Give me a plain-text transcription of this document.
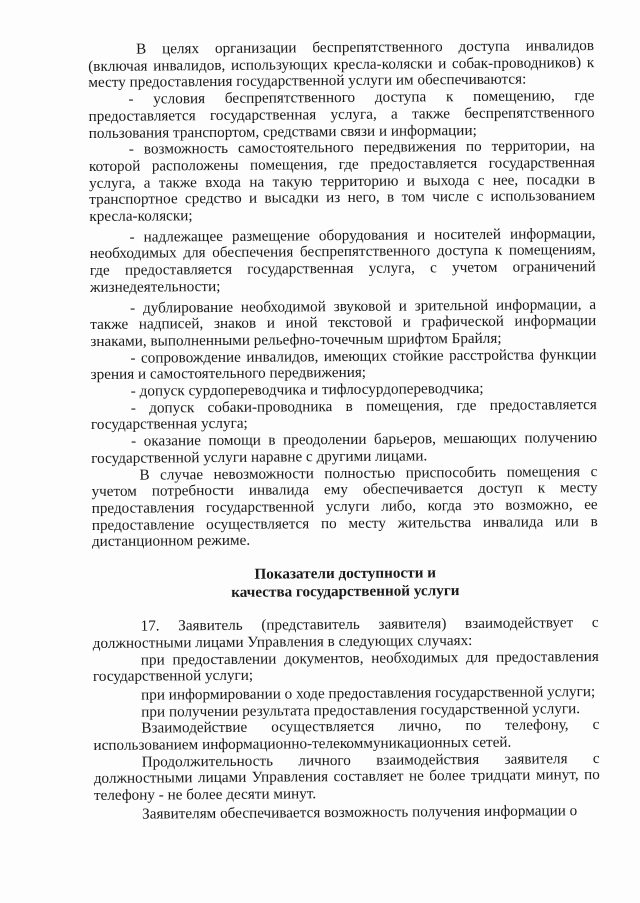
В целях организации беспрепятственного доступа инвалидов (включая инвалидов, использующих кресла-коляски и собак-проводников) к месту предоставления государственной услуги им обеспечиваются:

- условия беспрепятственного доступа к помещению, где предоставляется государственная услуга, а также беспрепятственного пользования транспортом, средствами связи и информации;

- возможность самостоятельного передвижения по территории, на которой расположены помещения, где предоставляется государственная услуга, а также входа на такую территорию и выхода с нее, посадки в транспортное средство и высадки из него, в том числе с использованием кресла-коляски;

- надлежащее размещение оборудования и носителей информации, необходимых для обеспечения беспрепятственного доступа к помещениям, где предоставляется государственная услуга, с учетом ограничений жизнедеятельности;

- дублирование необходимой звуковой и зрительной информации, а также надписей, знаков и иной текстовой и графической информации знаками, выполненными рельефно-точечным шрифтом Брайля;

- сопровождение инвалидов, имеющих стойкие расстройства функции зрения и самостоятельного передвижения;

- допуск сурдопереводчика и тифлосурдопереводчика;

- допуск собаки-проводника в помещения, где предоставляется государственная услуга;

- оказание помощи в преодолении барьеров, мешающих получению государственной услуги наравне с другими лицами.

В случае невозможности полностью приспособить помещения с учетом потребности инвалида ему обеспечивается доступ к месту предоставления государственной услуги либо, когда это возможно, ее предоставление осуществляется по месту жительства инвалида или в дистанционном режиме.

Показатели доступности и
качества государственной услуги

17. Заявитель (представитель заявителя) взаимодействует с должностными лицами Управления в следующих случаях:

при предоставлении документов, необходимых для предоставления государственной услуги;

при информировании о ходе предоставления государственной услуги;

при получении результата предоставления государственной услуги.

Взаимодействие осуществляется лично, по телефону, с использованием информационно-телекоммуникационных сетей.

Продолжительность личного взаимодействия заявителя с должностными лицами Управления составляет не более тридцати минут, по телефону - не более десяти минут.

Заявителям обеспечивается возможность получения информации о
